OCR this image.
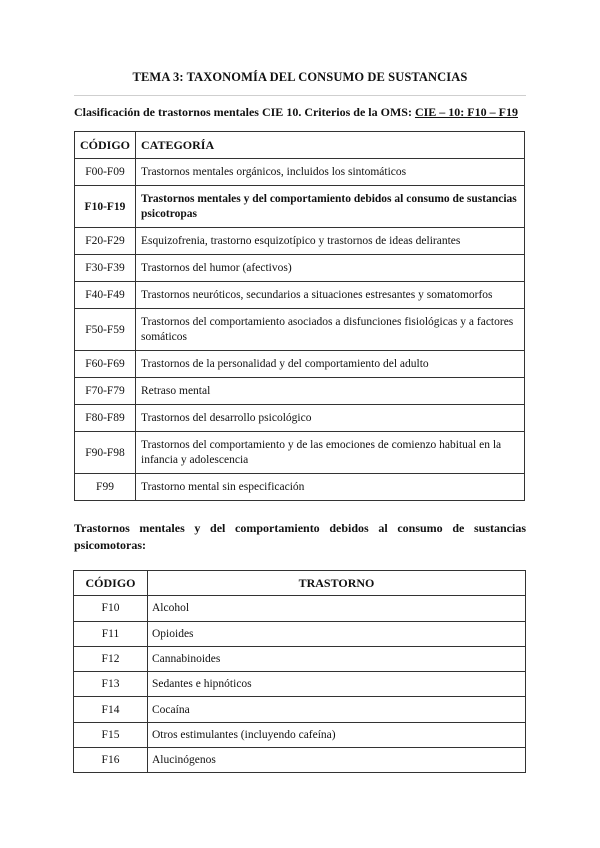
TEMA 3: TAXONOMÍA DEL CONSUMO DE SUSTANCIAS
Clasificación de trastornos mentales CIE 10. Criterios de la OMS: CIE – 10: F10 – F19
CÓDIGO	CATEGORÍA
F00-F09	Trastornos mentales orgánicos, incluidos los sintomáticos
F10-F19	Trastornos mentales y del comportamiento debidos al consumo de sustancias psicotropas
F20-F29	Esquizofrenia, trastorno esquizotípico y trastornos de ideas delirantes
F30-F39	Trastornos del humor (afectivos)
F40-F49	Trastornos neuróticos, secundarios a situaciones estresantes y somatomorfos
F50-F59	Trastornos del comportamiento asociados a disfunciones fisiológicas y a factores somáticos
F60-F69	Trastornos de la personalidad y del comportamiento del adulto
F70-F79	Retraso mental
F80-F89	Trastornos del desarrollo psicológico
F90-F98	Trastornos del comportamiento y de las emociones de comienzo habitual en la infancia y adolescencia
F99	Trastorno mental sin especificación
Trastornos mentales y del comportamiento debidos al consumo de sustancias psicomotoras:
CÓDIGO	TRASTORNO
F10	Alcohol
F11	Opioides
F12	Cannabinoides
F13	Sedantes e hipnóticos
F14	Cocaína
F15	Otros estimulantes (incluyendo cafeína)
F16	Alucinógenos
